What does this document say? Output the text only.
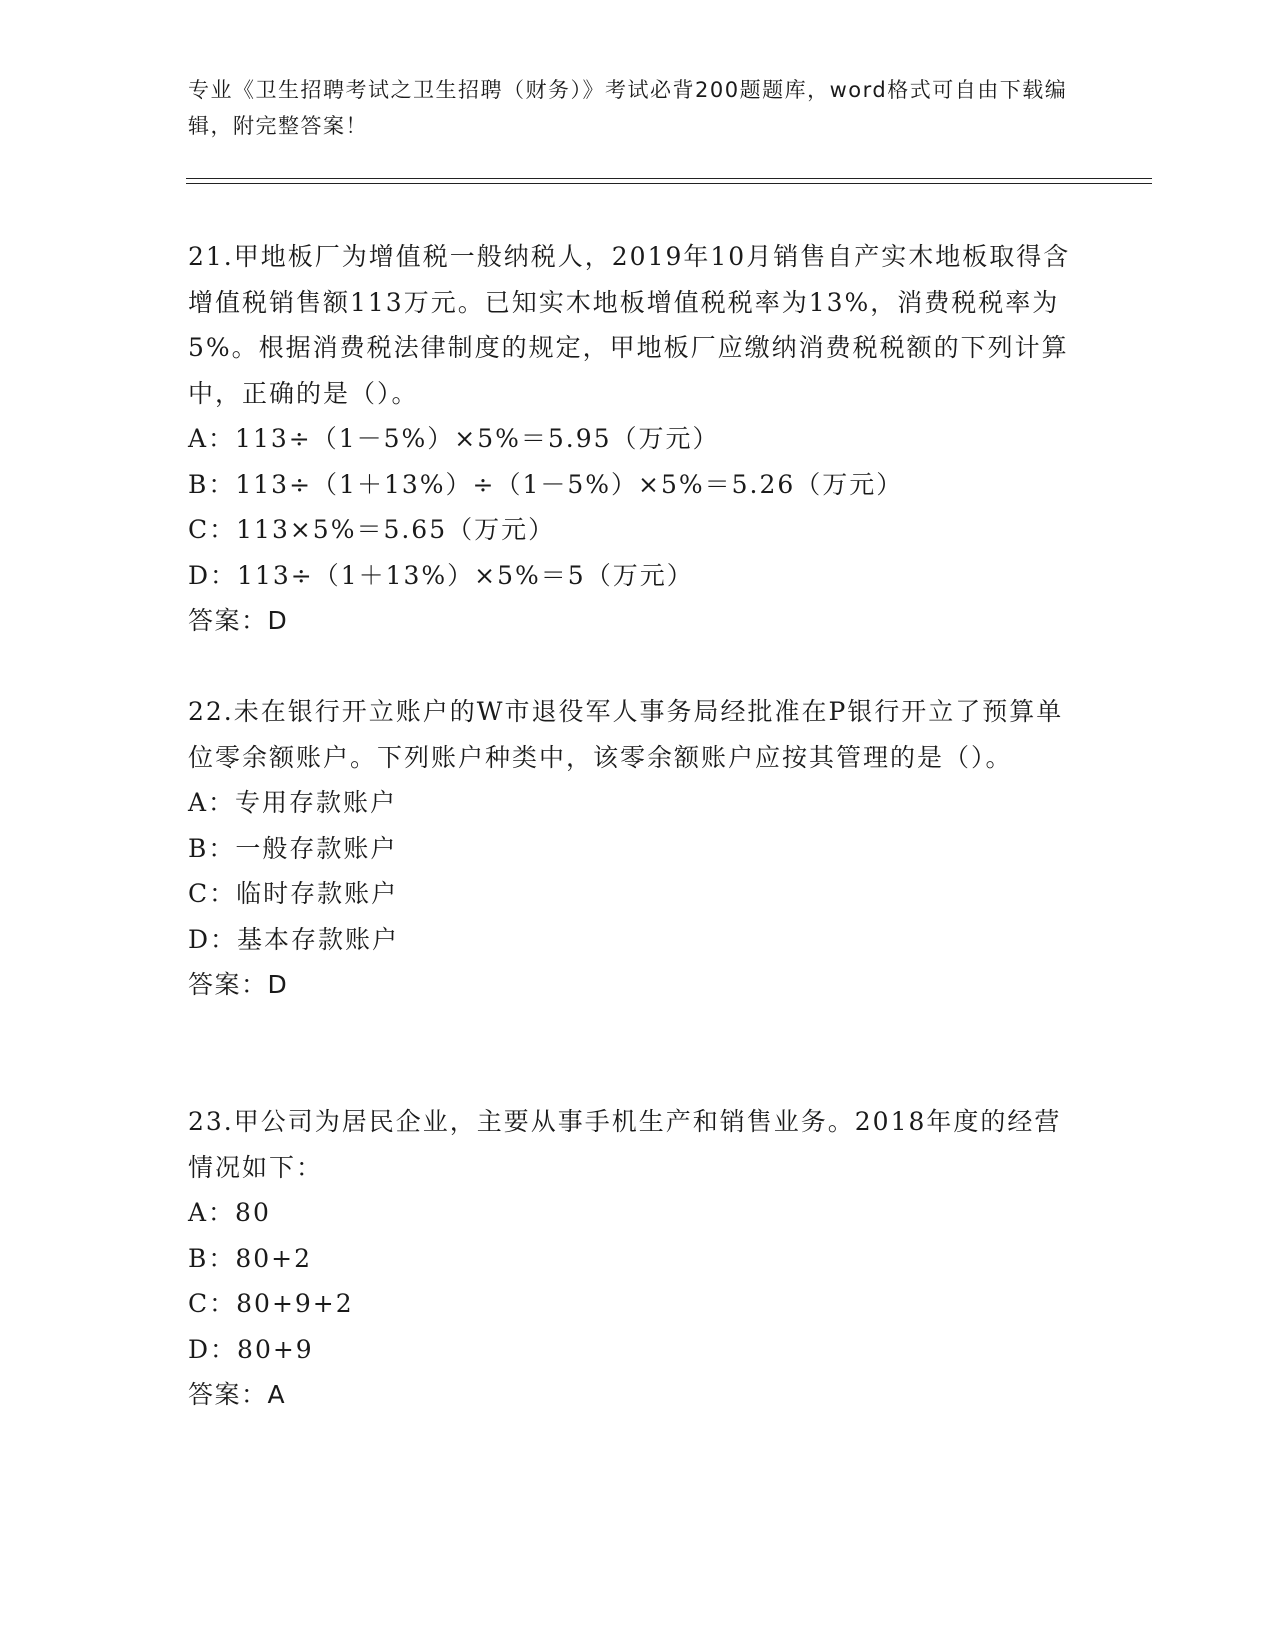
专业《卫生招聘考试之卫生招聘（财务）》考试必背200题题库，word格式可自由下载编辑，附完整答案！

21.甲地板厂为增值税一般纳税人，2019年10月销售自产实木地板取得含增值税销售额113万元。已知实木地板增值税税率为13%，消费税税率为5%。根据消费税法律制度的规定，甲地板厂应缴纳消费税税额的下列计算中，正确的是（）。

A：113÷（1－5%）×5%＝5.95（万元）

B：113÷（1＋13%）÷（1－5%）×5%＝5.26（万元）

C：113×5%＝5.65（万元）

D：113÷（1＋13%）×5%＝5（万元）

答案：D

22.未在银行开立账户的W市退役军人事务局经批准在P银行开立了预算单位零余额账户。下列账户种类中，该零余额账户应按其管理的是（）。

A：专用存款账户

B：一般存款账户

C：临时存款账户

D：基本存款账户

答案：D

23.甲公司为居民企业，主要从事手机生产和销售业务。2018年度的经营情况如下：

A：80

B：80+2

C：80+9+2

D：80+9

答案：A
